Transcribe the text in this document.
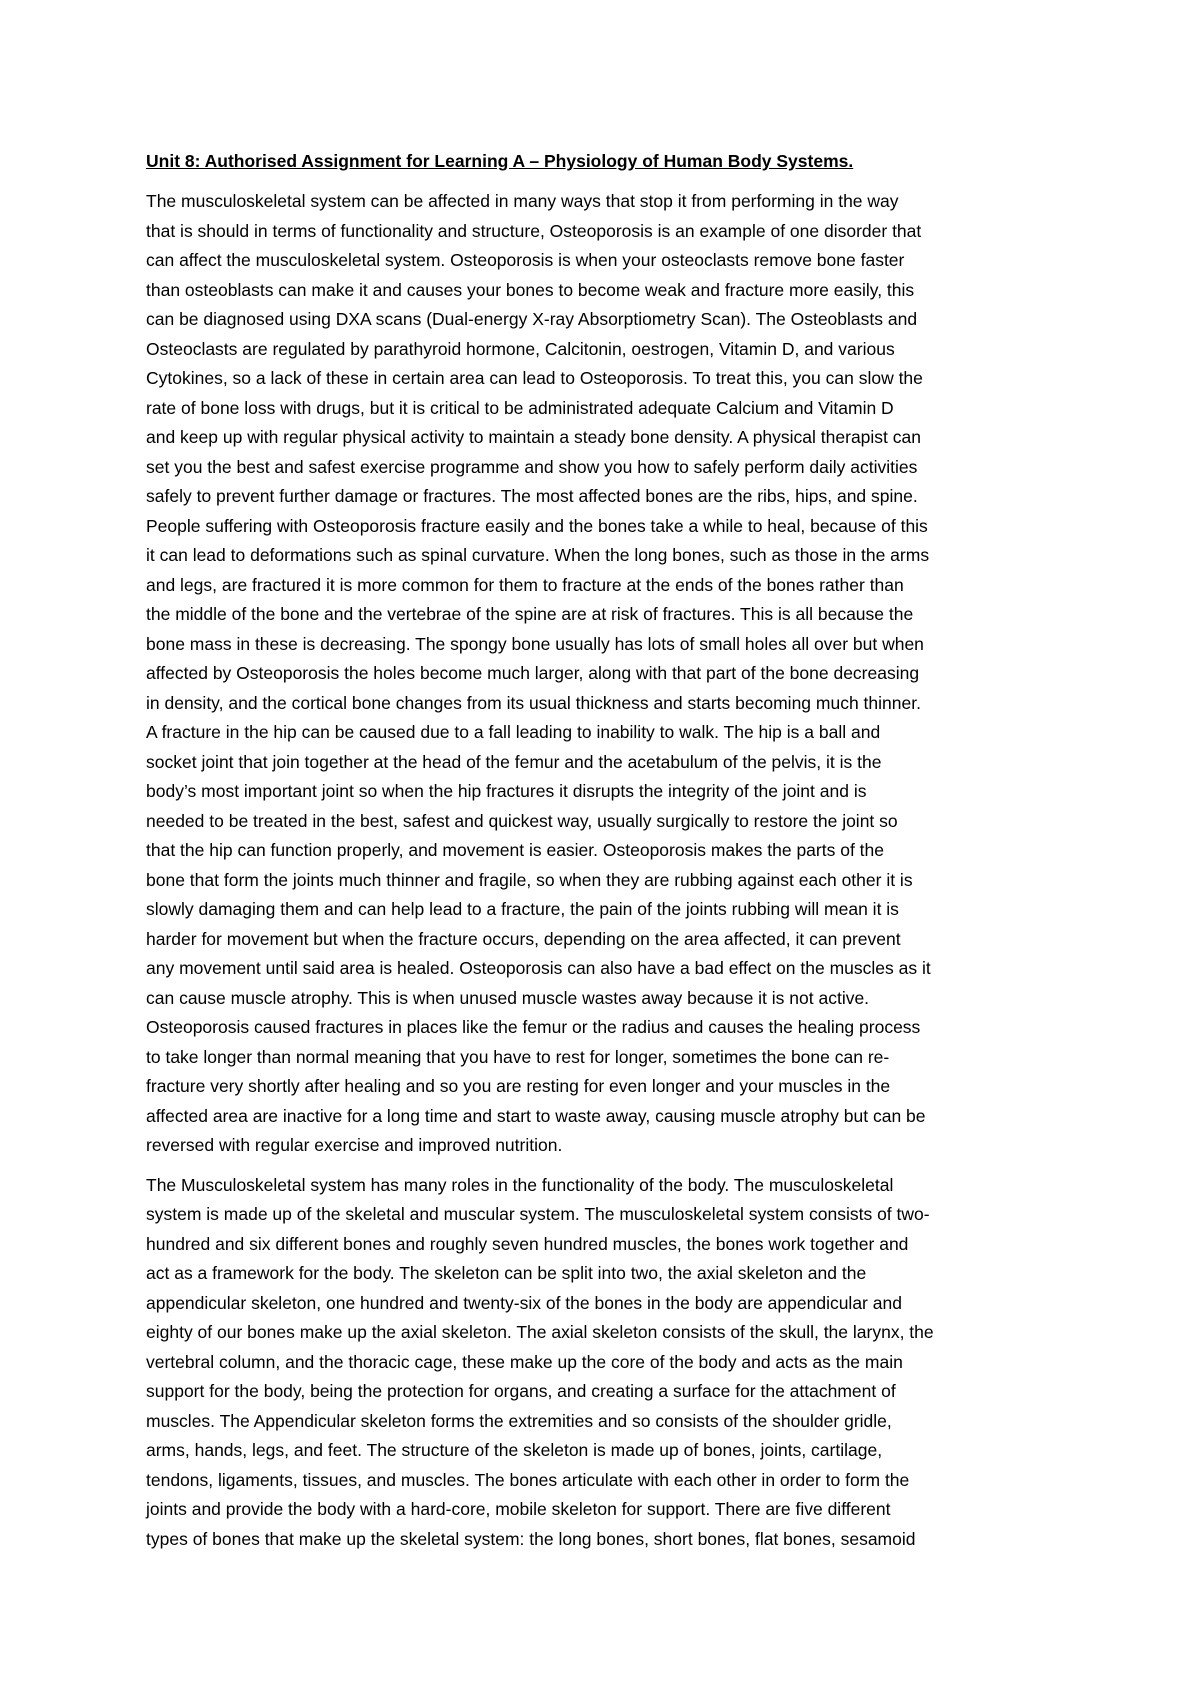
Unit 8: Authorised Assignment for Learning A – Physiology of Human Body Systems.
The musculoskeletal system can be affected in many ways that stop it from performing in the way
that is should in terms of functionality and structure, Osteoporosis is an example of one disorder that
can affect the musculoskeletal system. Osteoporosis is when your osteoclasts remove bone faster
than osteoblasts can make it and causes your bones to become weak and fracture more easily, this
can be diagnosed using DXA scans (Dual-energy X-ray Absorptiometry Scan). The Osteoblasts and
Osteoclasts are regulated by parathyroid hormone, Calcitonin, oestrogen, Vitamin D, and various
Cytokines, so a lack of these in certain area can lead to Osteoporosis. To treat this, you can slow the
rate of bone loss with drugs, but it is critical to be administrated adequate Calcium and Vitamin D
and keep up with regular physical activity to maintain a steady bone density. A physical therapist can
set you the best and safest exercise programme and show you how to safely perform daily activities
safely to prevent further damage or fractures. The most affected bones are the ribs, hips, and spine.
People suffering with Osteoporosis fracture easily and the bones take a while to heal, because of this
it can lead to deformations such as spinal curvature. When the long bones, such as those in the arms
and legs, are fractured it is more common for them to fracture at the ends of the bones rather than
the middle of the bone and the vertebrae of the spine are at risk of fractures. This is all because the
bone mass in these is decreasing. The spongy bone usually has lots of small holes all over but when
affected by Osteoporosis the holes become much larger, along with that part of the bone decreasing
in density, and the cortical bone changes from its usual thickness and starts becoming much thinner.
A fracture in the hip can be caused due to a fall leading to inability to walk. The hip is a ball and
socket joint that join together at the head of the femur and the acetabulum of the pelvis, it is the
body’s most important joint so when the hip fractures it disrupts the integrity of the joint and is
needed to be treated in the best, safest and quickest way, usually surgically to restore the joint so
that the hip can function properly, and movement is easier. Osteoporosis makes the parts of the
bone that form the joints much thinner and fragile, so when they are rubbing against each other it is
slowly damaging them and can help lead to a fracture, the pain of the joints rubbing will mean it is
harder for movement but when the fracture occurs, depending on the area affected, it can prevent
any movement until said area is healed. Osteoporosis can also have a bad effect on the muscles as it
can cause muscle atrophy. This is when unused muscle wastes away because it is not active.
Osteoporosis caused fractures in places like the femur or the radius and causes the healing process
to take longer than normal meaning that you have to rest for longer, sometimes the bone can re-
fracture very shortly after healing and so you are resting for even longer and your muscles in the
affected area are inactive for a long time and start to waste away, causing muscle atrophy but can be
reversed with regular exercise and improved nutrition.
The Musculoskeletal system has many roles in the functionality of the body. The musculoskeletal
system is made up of the skeletal and muscular system. The musculoskeletal system consists of two-
hundred and six different bones and roughly seven hundred muscles, the bones work together and
act as a framework for the body. The skeleton can be split into two, the axial skeleton and the
appendicular skeleton, one hundred and twenty-six of the bones in the body are appendicular and
eighty of our bones make up the axial skeleton. The axial skeleton consists of the skull, the larynx, the
vertebral column, and the thoracic cage, these make up the core of the body and acts as the main
support for the body, being the protection for organs, and creating a surface for the attachment of
muscles. The Appendicular skeleton forms the extremities and so consists of the shoulder gridle,
arms, hands, legs, and feet. The structure of the skeleton is made up of bones, joints, cartilage,
tendons, ligaments, tissues, and muscles. The bones articulate with each other in order to form the
joints and provide the body with a hard-core, mobile skeleton for support. There are five different
types of bones that make up the skeletal system: the long bones, short bones, flat bones, sesamoid
